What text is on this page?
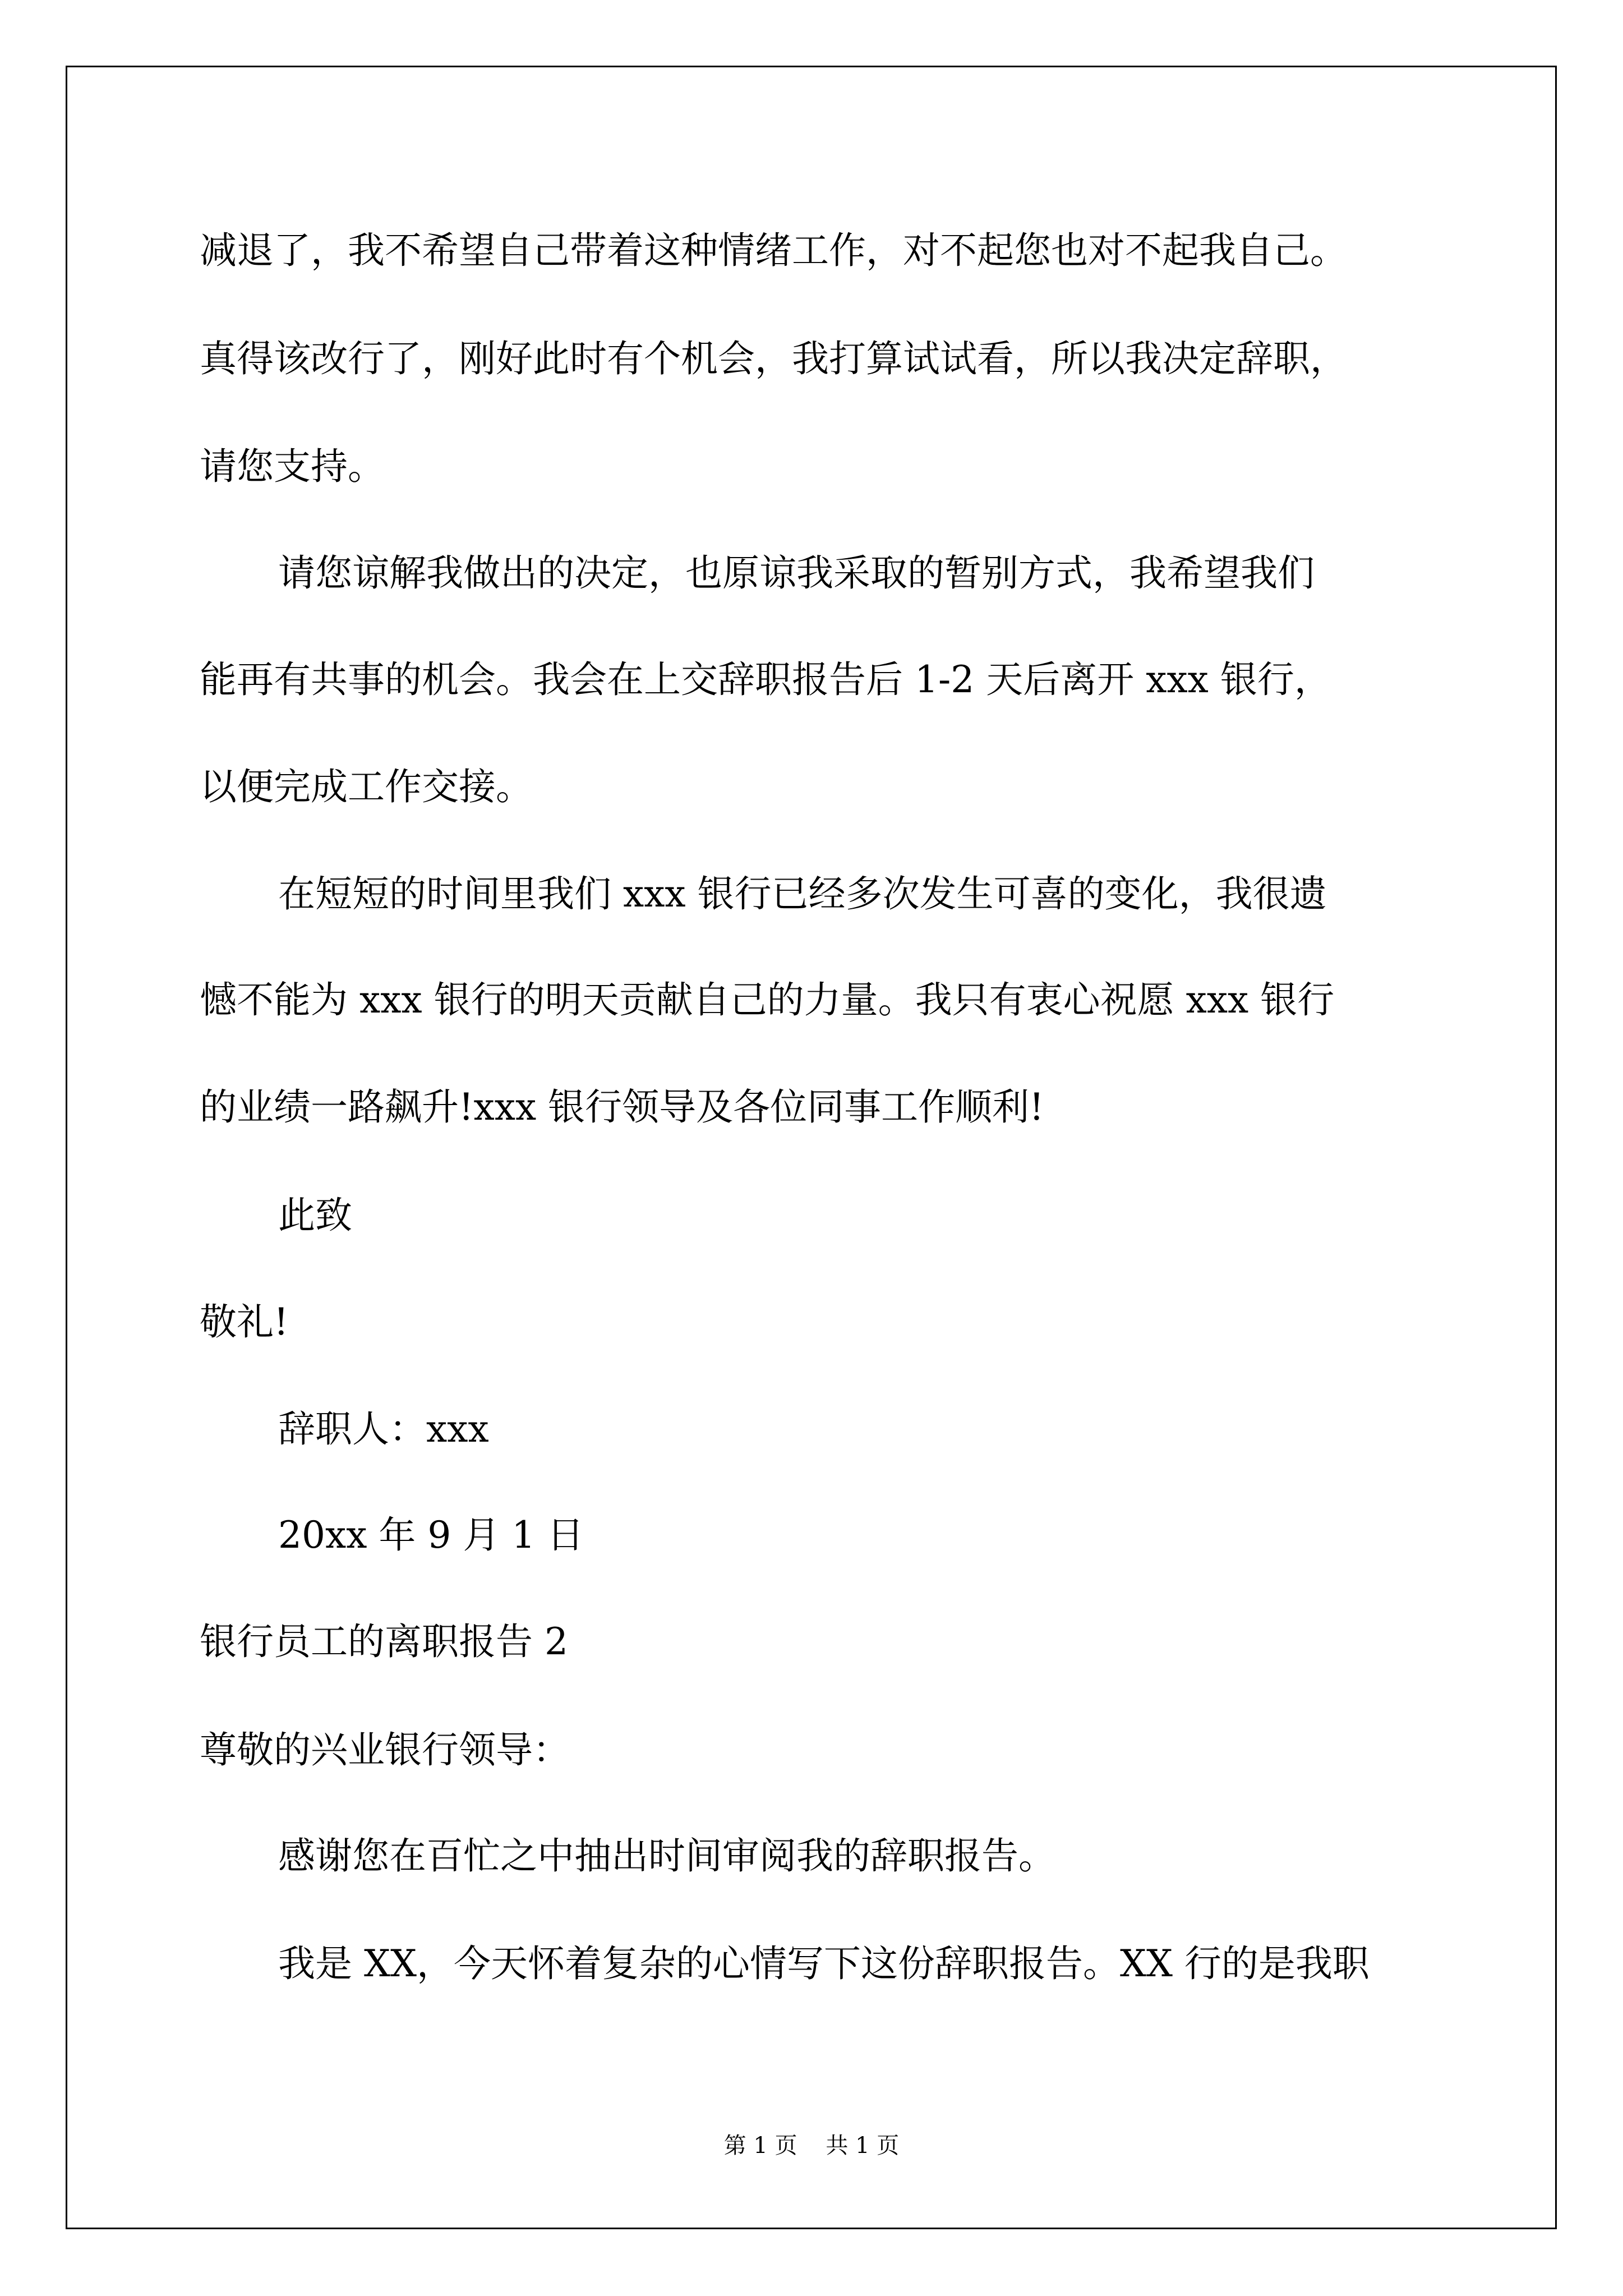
减退了，我不希望自己带着这种情绪工作，对不起您也对不起我自己。

真得该改行了，刚好此时有个机会，我打算试试看，所以我决定辞职，

请您支持。

请您谅解我做出的决定，也原谅我采取的暂别方式，我希望我们

能再有共事的机会。我会在上交辞职报告后 1-2 天后离开 xxx 银行，

以便完成工作交接。

在短短的时间里我们 xxx 银行已经多次发生可喜的变化，我很遗

憾不能为 xxx 银行的明天贡献自己的力量。我只有衷心祝愿 xxx 银行

的业绩一路飙升!xxx 银行领导及各位同事工作顺利!

此致

敬礼!

辞职人：xxx

20xx 年 9 月 1 日

银行员工的离职报告 2

尊敬的兴业银行领导：

感谢您在百忙之中抽出时间审阅我的辞职报告。

我是 XX，今天怀着复杂的心情写下这份辞职报告。XX 行的是我职

第 1 页    共 1 页
